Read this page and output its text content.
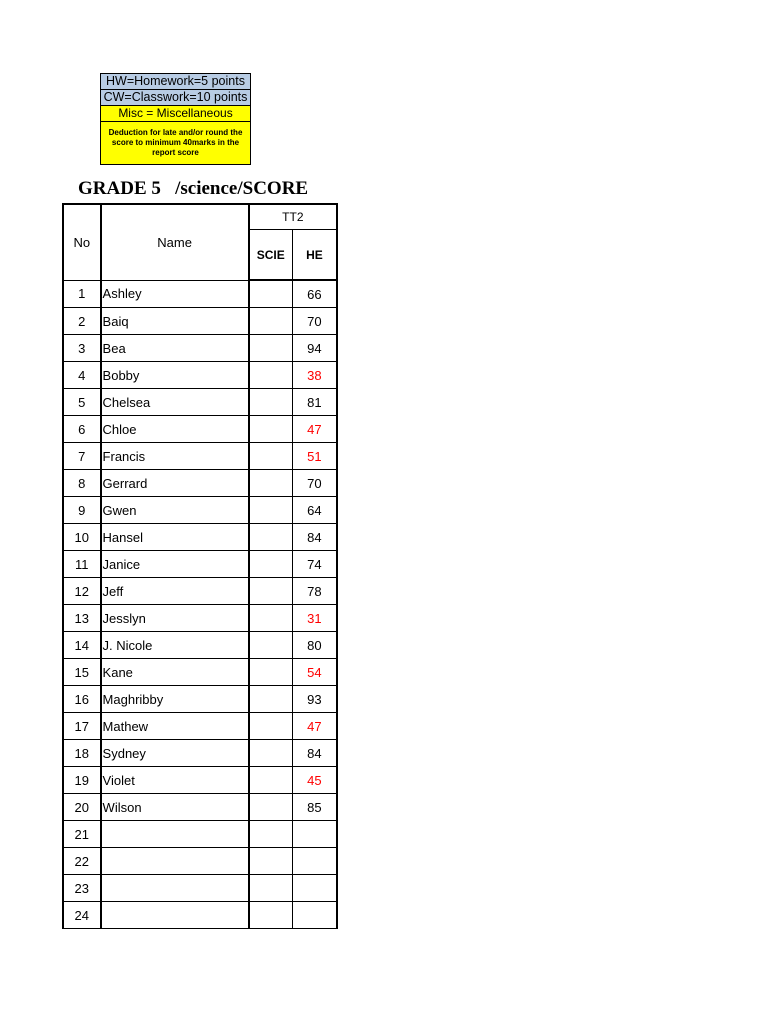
HW=Homework=5 points
CW=Classwork=10 points
Misc = Miscellaneous
Deduction for late and/or round the score to minimum 40marks in the report score
GRADE 5   /science/SCORE
No	Name	TT2	
		SCIE	HE
1	Ashley		66
2	Baiq		70
3	Bea		94
4	Bobby		38
5	Chelsea		81
6	Chloe		47
7	Francis		51
8	Gerrard		70
9	Gwen		64
10	Hansel		84
11	Janice		74
12	Jeff		78
13	Jesslyn		31
14	J. Nicole		80
15	Kane		54
16	Maghribby		93
17	Mathew		47
18	Sydney		84
19	Violet		45
20	Wilson		85
21			
22			
23			
24			
